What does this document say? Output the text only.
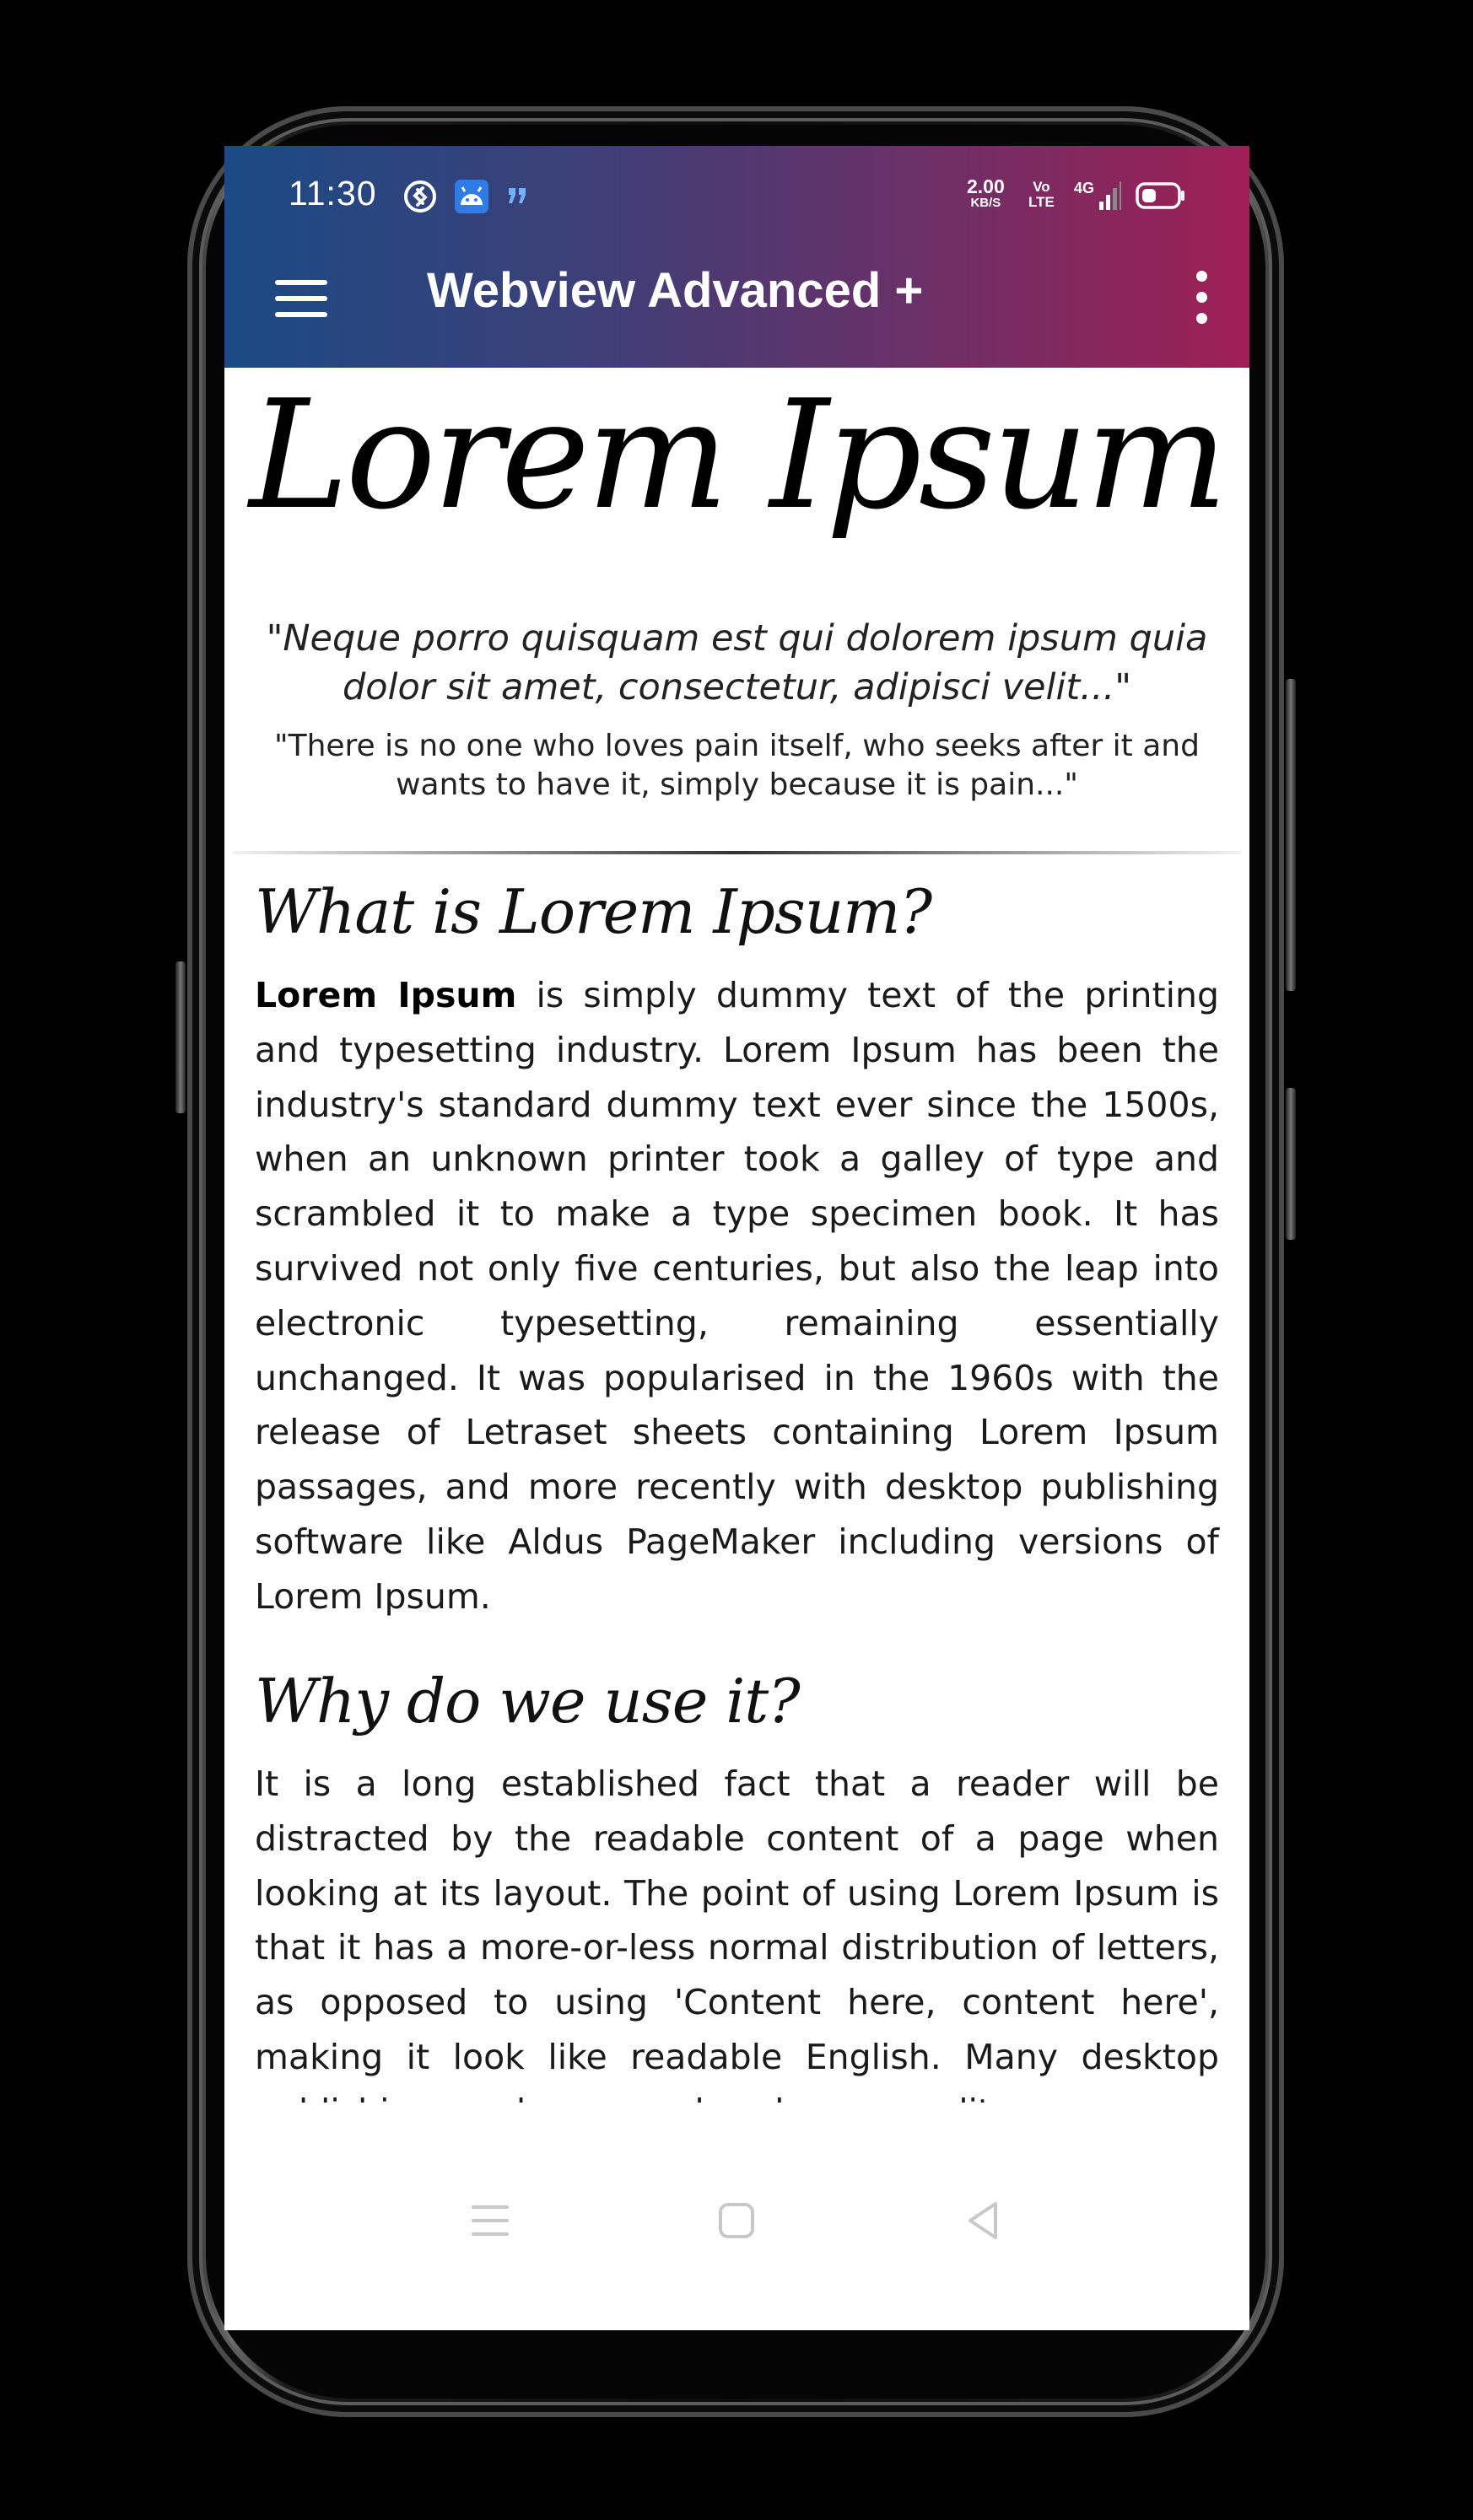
11:30	2.00
KB/S
Vo
LTE
4G
Webview Advanced +
Lorem Ipsum
"Neque porro quisquam est qui dolorem ipsum quia dolor sit amet, consectetur, adipisci velit..."
"There is no one who loves pain itself, who seeks after it and wants to have it, simply because it is pain..."
What is Lorem Ipsum?

Lorem Ipsum is simply dummy text of the printing and typesetting industry. Lorem Ipsum has been the industry's standard dummy text ever since the 1500s, when an unknown printer took a galley of type and scrambled it to make a type specimen book. It has survived not only five centuries, but also the leap into electronic typesetting, remaining essentially unchanged. It was popularised in the 1960s with the release of Letraset sheets containing Lorem Ipsum passages, and more recently with desktop publishing software like Aldus PageMaker including versions of Lorem Ipsum.

Why do we use it?

It is a long established fact that a reader will be distracted by the readable content of a page when looking at its layout. The point of using Lorem Ipsum is that it has a more-or-less normal distribution of letters, as opposed to using 'Content here, content here', making it look like readable English. Many desktop
